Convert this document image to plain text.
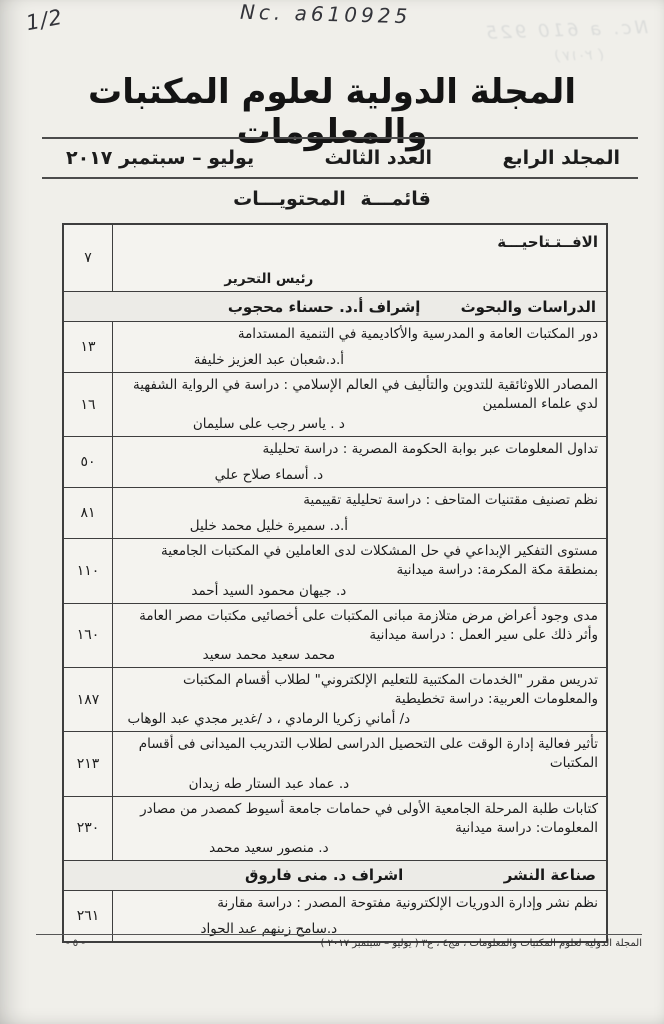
1/2	Nc. a610925
Nc. a 610 925
( ٢٠١٧ )
المجلة الدولية لعلوم المكتبات والمعلومات
المجلد الرابع
العدد الثالث
يوليو – سبتمبر ٢٠١٧
قائمـــة المحتويـــات
٧
الافــتـتاحيـــة
رئيس التحرير
الدراسات والبحوث
إشراف أ.د. حسناء محجوب
١٣
دور المكتبات العامة و المدرسية والأكاديمية في التنمية المستدامة
أ.د.شعبان عبد العزيز خليفة
١٦
المصادر اللاوثائقية للتدوين والتأليف في العالم الإسلامي : دراسة في الرواية الشفهية لدي علماء المسلمين
د . ياسر رجب على سليمان
٥٠
تداول المعلومات عبر بوابة الحكومة المصرية : دراسة تحليلية
د. أسماء صلاح علي
٨١
نظم تصنيف مقتنيات المتاحف : دراسة تحليلية تقييمية
أ.د. سميرة خليل محمد خليل
١١٠
مستوى التفكير الإبداعي في حل المشكلات لدى العاملين في المكتبات الجامعية بمنطقة مكة المكرمة: دراسة ميدانية
د. جيهان محمود السيد أحمد
١٦٠
مدى وجود أعراض مرض متلازمة مبانى المكتبات على أخصائيى مكتبات مصر العامة وأثر ذلك على سير العمل : دراسة ميدانية
محمد سعيد محمد سعيد
١٨٧
تدريس مقرر "الخدمات المكتبية للتعليم الإلكتروني" لطلاب أقسام المكتبات والمعلومات العربية: دراسة تخطيطية
د/ أماني زكريا الرمادي ، د /غدير مجدي عبد الوهاب
٢١٣
تأثير فعالية إدارة الوقت على التحصيل الدراسى لطلاب التدريب الميدانى فى أقسام المكتبات
د. عماد عبد الستار طه زيدان
٢٣٠
كتابات طلبة المرحلة الجامعية الأولى في حمامات جامعة أسيوط كمصدر من مصادر المعلومات: دراسة ميدانية
د. منصور سعيد محمد
صناعة النشر
اشراف د. منى فاروق
٢٦١
نظم نشر وإدارة الدوريات الإلكترونية مفتوحة المصدر : دراسة مقارنة
د.سامح زينهم عبد الجواد
- ٥ -	المجلة الدولية لعلوم المكتبات والمعلومات ، مج٤ ، ع٣ ( يوليو – سبتمبر ٢٠١٧ )
